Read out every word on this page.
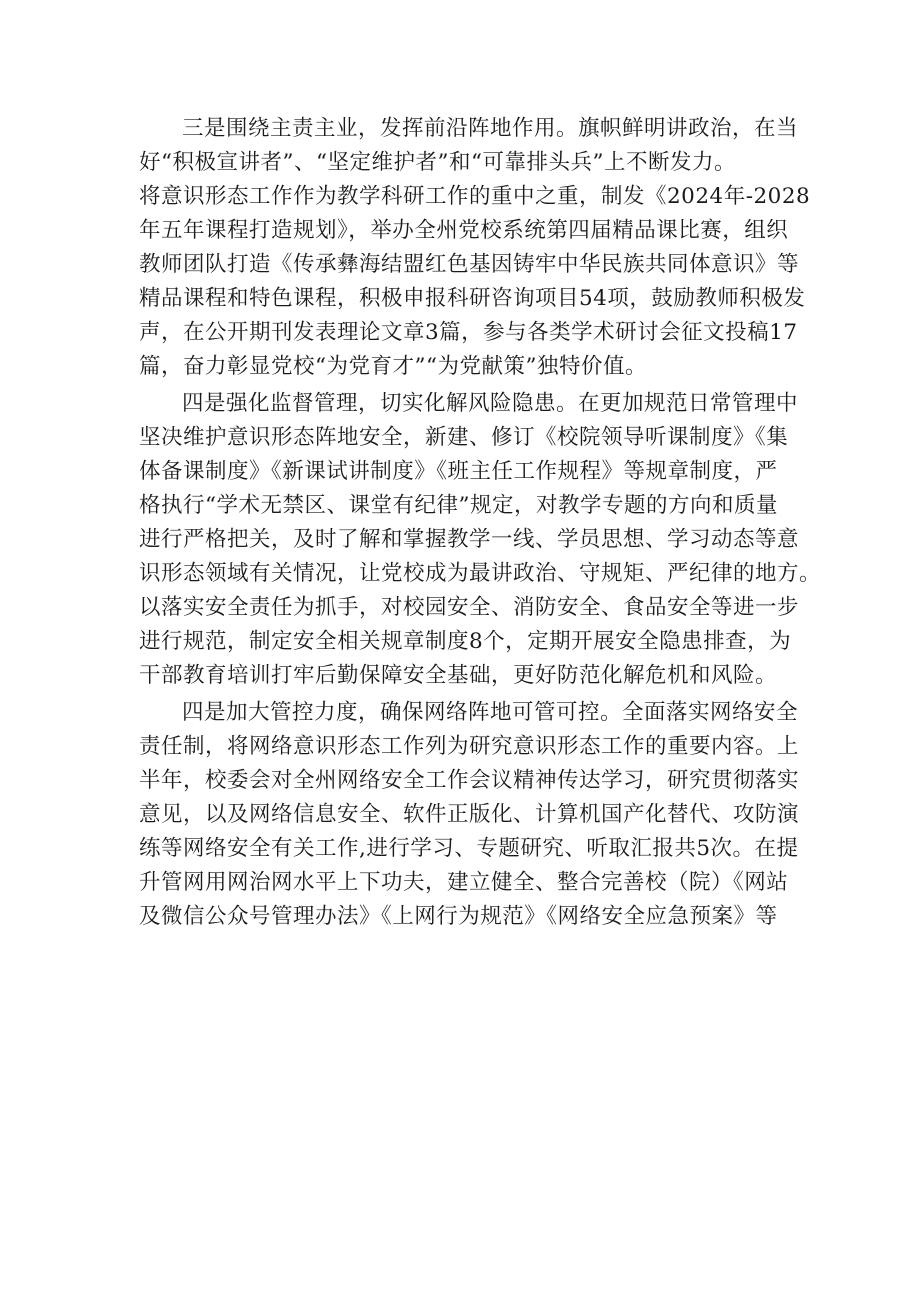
三是围绕主责主业，发挥前沿阵地作用。旗帜鲜明讲政治，在当
好“积极宣讲者”、“坚定维护者”和“可靠排头兵”上不断发力。
将意识形态工作作为教学科研工作的重中之重，制发《2024年-2028
年五年课程打造规划》，举办全州党校系统第四届精品课比赛，组织
教师团队打造《传承彝海结盟红色基因铸牢中华民族共同体意识》等
精品课程和特色课程，积极申报科研咨询项目54项，鼓励教师积极发
声，在公开期刊发表理论文章3篇，参与各类学术研讨会征文投稿17
篇，奋力彰显党校“为党育才”“为党献策”独特价值。

四是强化监督管理，切实化解风险隐患。在更加规范日常管理中
坚决维护意识形态阵地安全，新建、修订《校院领导听课制度》《集
体备课制度》《新课试讲制度》《班主任工作规程》等规章制度，严
格执行“学术无禁区、课堂有纪律”规定，对教学专题的方向和质量
进行严格把关，及时了解和掌握教学一线、学员思想、学习动态等意
识形态领域有关情况，让党校成为最讲政治、守规矩、严纪律的地方。
以落实安全责任为抓手，对校园安全、消防安全、食品安全等进一步
进行规范，制定安全相关规章制度8个，定期开展安全隐患排查，为
干部教育培训打牢后勤保障安全基础，更好防范化解危机和风险。

四是加大管控力度，确保网络阵地可管可控。全面落实网络安全
责任制，将网络意识形态工作列为研究意识形态工作的重要内容。上
半年，校委会对全州网络安全工作会议精神传达学习，研究贯彻落实
意见，以及网络信息安全、软件正版化、计算机国产化替代、攻防演
练等网络安全有关工作,进行学习、专题研究、听取汇报共5次。在提
升管网用网治网水平上下功夫，建立健全、整合完善校（院）《网站
及微信公众号管理办法》《上网行为规范》《网络安全应急预案》等
